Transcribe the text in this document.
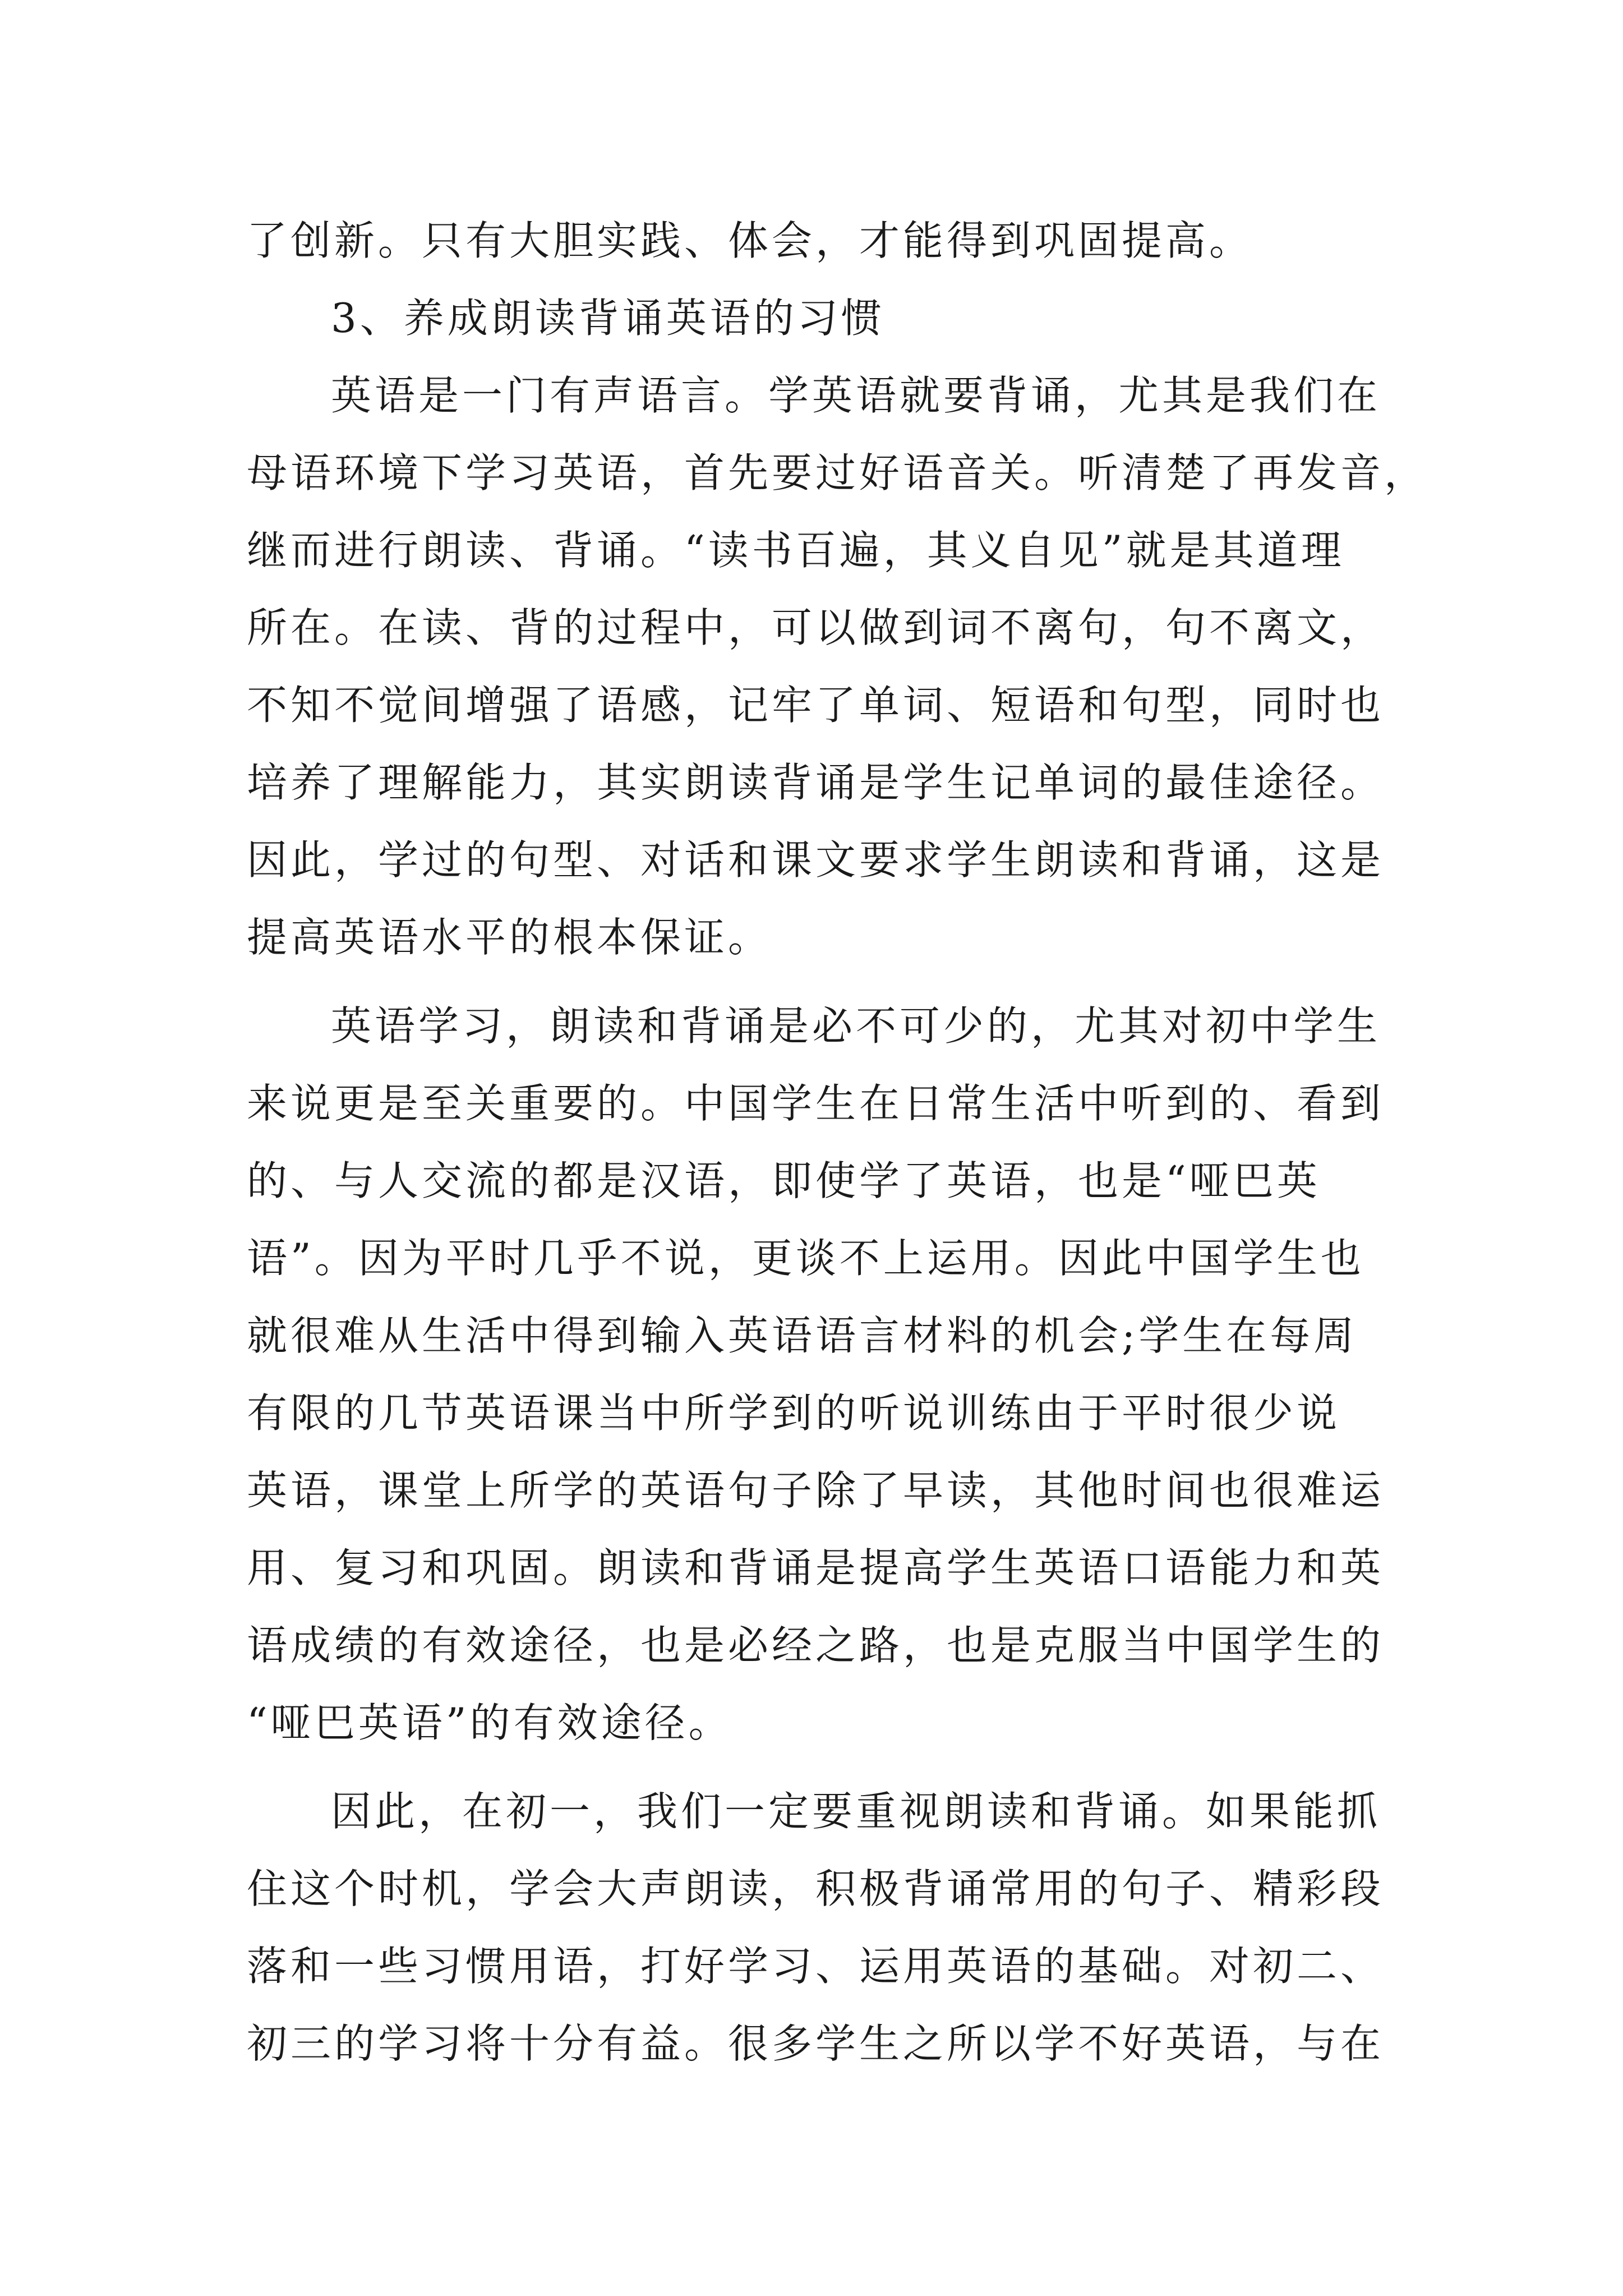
了创新。只有大胆实践、体会，才能得到巩固提高。
3、养成朗读背诵英语的习惯
英语是一门有声语言。学英语就要背诵，尤其是我们在
母语环境下学习英语，首先要过好语音关。听清楚了再发音，
继而进行朗读、背诵。“读书百遍，其义自见”就是其道理
所在。在读、背的过程中，可以做到词不离句，句不离文，
不知不觉间增强了语感，记牢了单词、短语和句型，同时也
培养了理解能力，其实朗读背诵是学生记单词的最佳途径。
因此，学过的句型、对话和课文要求学生朗读和背诵，这是
提高英语水平的根本保证。
英语学习，朗读和背诵是必不可少的，尤其对初中学生
来说更是至关重要的。中国学生在日常生活中听到的、看到
的、与人交流的都是汉语，即使学了英语，也是“哑巴英
语”。因为平时几乎不说，更谈不上运用。因此中国学生也
就很难从生活中得到输入英语语言材料的机会;学生在每周
有限的几节英语课当中所学到的听说训练由于平时很少说
英语，课堂上所学的英语句子除了早读，其他时间也很难运
用、复习和巩固。朗读和背诵是提高学生英语口语能力和英
语成绩的有效途径，也是必经之路，也是克服当中国学生的
“哑巴英语”的有效途径。
因此，在初一，我们一定要重视朗读和背诵。如果能抓
住这个时机，学会大声朗读，积极背诵常用的句子、精彩段
落和一些习惯用语，打好学习、运用英语的基础。对初二、
初三的学习将十分有益。很多学生之所以学不好英语，与在
